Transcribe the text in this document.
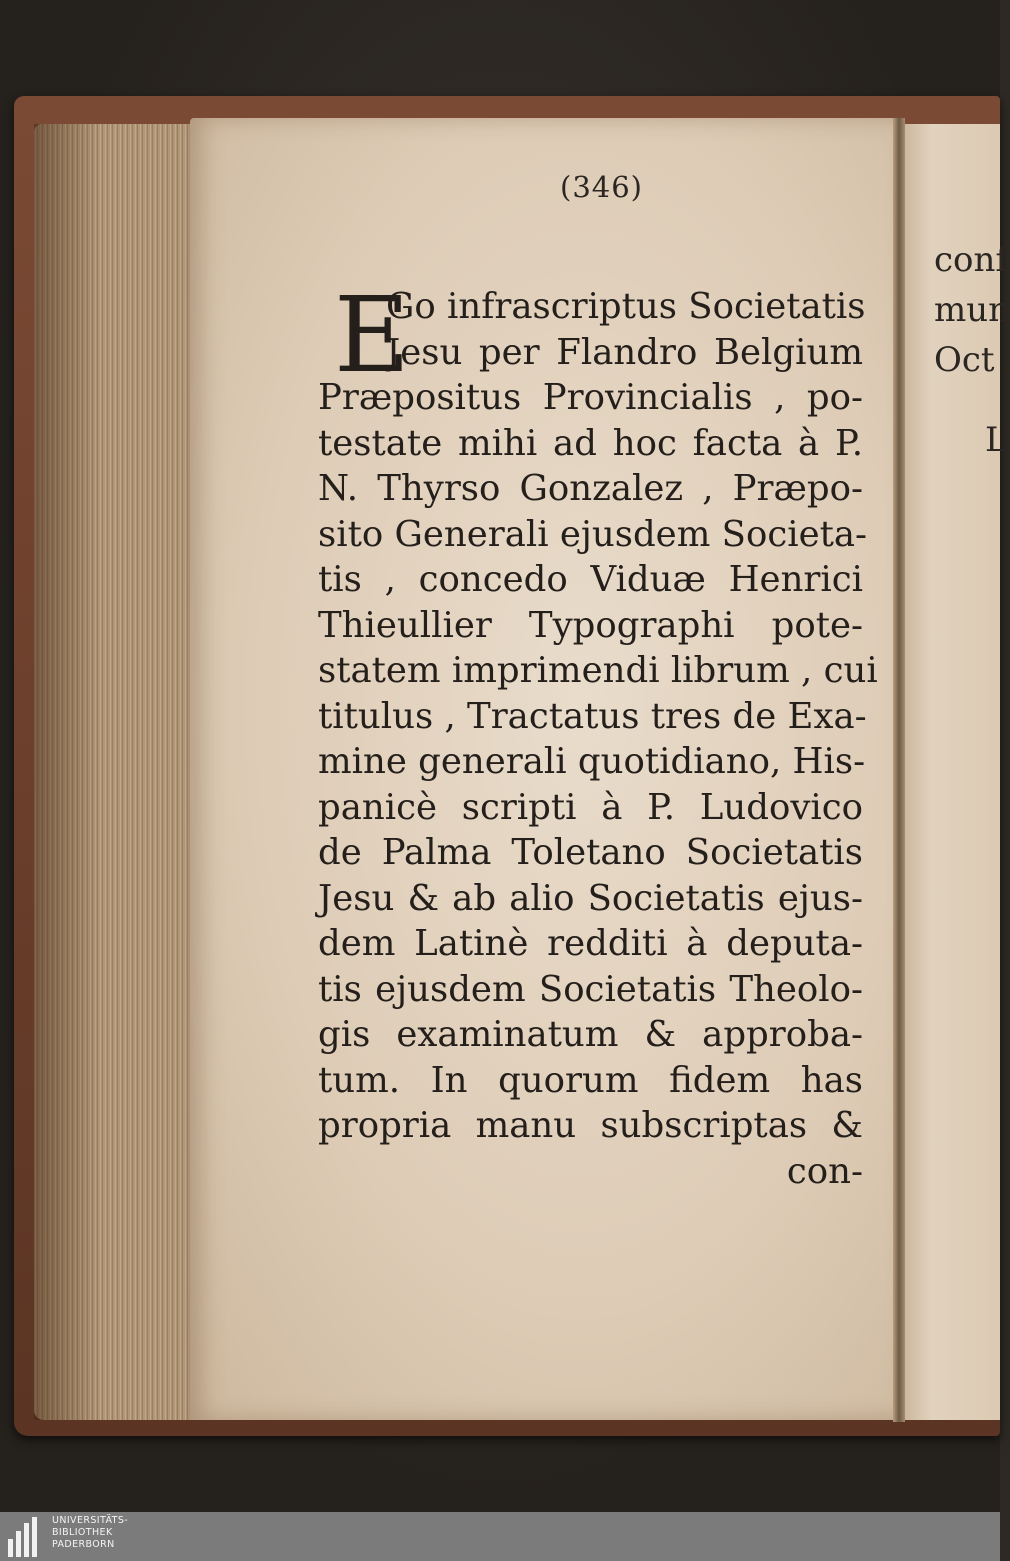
(346)
E
Go infrascriptus Societatis
Jesu per Flandro Belgium
Præpositus Provincialis , po-
testate mihi ad hoc facta à P.
N. Thyrso Gonzalez , Præpo-
sito Generali ejusdem Societa-
tis , concedo Viduæ Henrici
Thieullier Typographi pote-
statem imprimendi librum , cui
titulus , Tractatus tres de Exa-
mine generali quotidiano, His-
panicè scripti à P. Ludovico
de Palma Toletano Societatis
Jesu & ab alio Societatis ejus-
dem Latinè redditi à deputa-
tis ejusdem Societatis Theolo-
gis examinatum & approba-
tum. In quorum fidem has
propria manu subscriptas &
con-
conf
mun
Oct
L
UNIVERSITÄTS-
BIBLIOTHEK
PADERBORN
